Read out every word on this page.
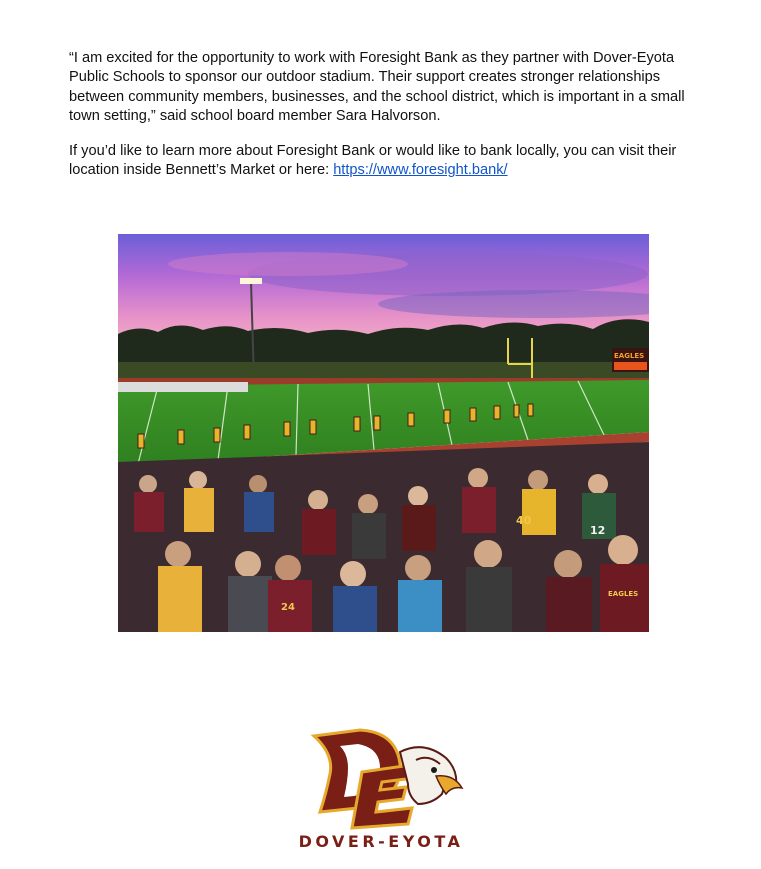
“I am excited for the opportunity to work with Foresight Bank as they partner with Dover-Eyota Public Schools to sponsor our outdoor stadium. Their support creates stronger relationships between community members, businesses, and the school district, which is important in a small town setting,” said school board member Sara Halvorson.

If you’d like to learn more about Foresight Bank or would like to bank locally, you can visit their location inside Bennett’s Market or here: https://www.foresight.bank/

EAGLES
40
12
24
EAGLES
DOVER-EYOTA
